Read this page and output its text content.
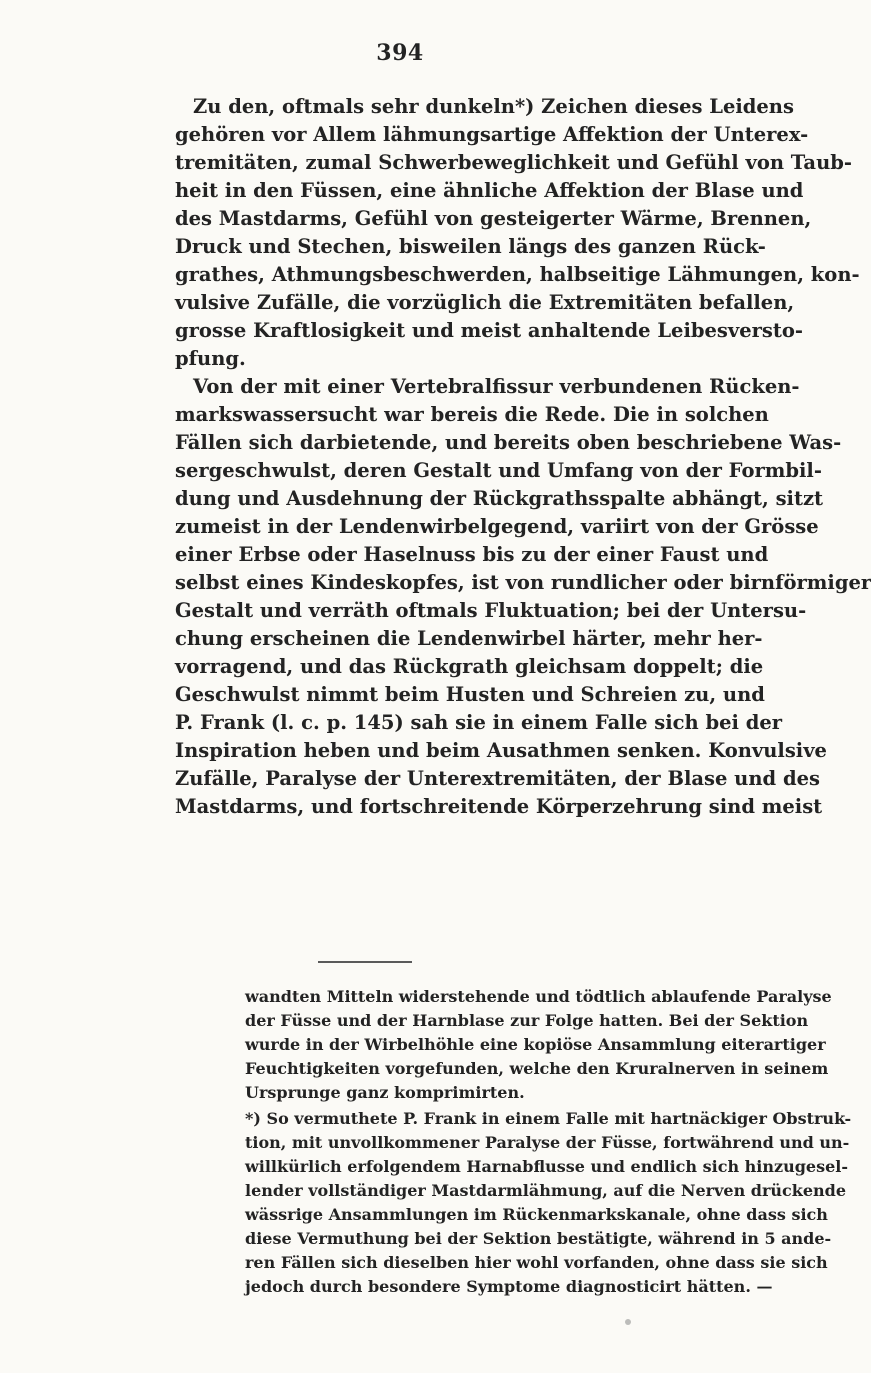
394
Zu den, oftmals sehr dunkeln*) Zeichen dieses Leidens
gehören vor Allem lähmungsartige Affektion der Unterex-
tremitäten, zumal Schwerbeweglichkeit und Gefühl von Taub-
heit in den Füssen, eine ähnliche Affektion der Blase und
des Mastdarms, Gefühl von gesteigerter Wärme, Brennen,
Druck und Stechen, bisweilen längs des ganzen Rück-
grathes, Athmungsbeschwerden, halbseitige Lähmungen, kon-
vulsive Zufälle, die vorzüglich die Extremitäten befallen,
grosse Kraftlosigkeit und meist anhaltende Leibesversto-
pfung.
Von der mit einer Vertebralfissur verbundenen Rücken-
markswassersucht war bereis die Rede. Die in solchen
Fällen sich darbietende, und bereits oben beschriebene Was-
sergeschwulst, deren Gestalt und Umfang von der Formbil-
dung und Ausdehnung der Rückgrathsspalte abhängt, sitzt
zumeist in der Lendenwirbelgegend, variirt von der Grösse
einer Erbse oder Haselnuss bis zu der einer Faust und
selbst eines Kindeskopfes, ist von rundlicher oder birnförmiger
Gestalt und verräth oftmals Fluktuation; bei der Untersu-
chung erscheinen die Lendenwirbel härter, mehr her-
vorragend, und das Rückgrath gleichsam doppelt; die
Geschwulst nimmt beim Husten und Schreien zu, und
P. Frank (l. c. p. 145) sah sie in einem Falle sich bei der
Inspiration heben und beim Ausathmen senken. Konvulsive
Zufälle, Paralyse der Unterextremitäten, der Blase und des
Mastdarms, und fortschreitende Körperzehrung sind meist
wandten Mitteln widerstehende und tödtlich ablaufende Paralyse
der Füsse und der Harnblase zur Folge hatten. Bei der Sektion
wurde in der Wirbelhöhle eine kopiöse Ansammlung eiterartiger
Feuchtigkeiten vorgefunden, welche den Kruralnerven in seinem
Ursprunge ganz komprimirten.
*) So vermuthete P. Frank in einem Falle mit hartnäckiger Obstruk-
tion, mit unvollkommener Paralyse der Füsse, fortwährend und un-
willkürlich erfolgendem Harnabflusse und endlich sich hinzugesel-
lender vollständiger Mastdarmlähmung, auf die Nerven drückende
wässrige Ansammlungen im Rückenmarkskanale, ohne dass sich
diese Vermuthung bei der Sektion bestätigte, während in 5 ande-
ren Fällen sich dieselben hier wohl vorfanden, ohne dass sie sich
jedoch durch besondere Symptome diagnosticirt hätten. —
